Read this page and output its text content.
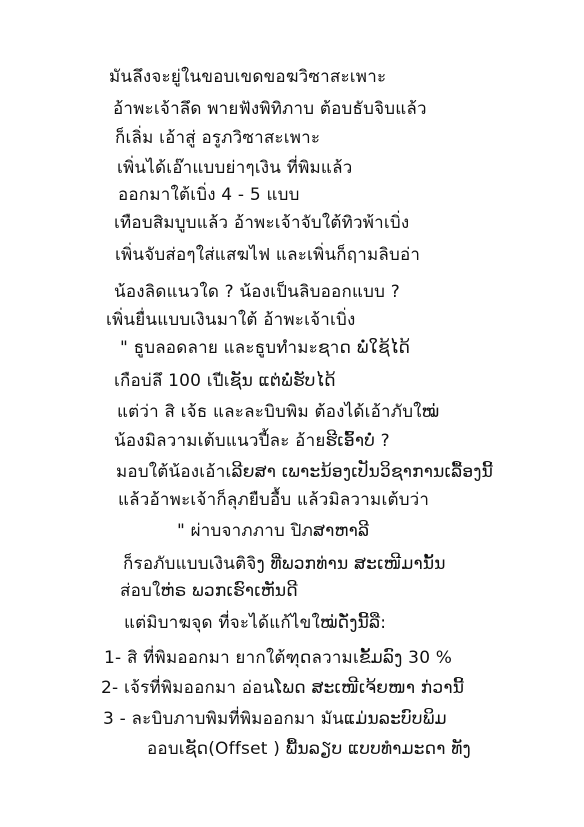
มันลึงจะยู่ในขอบเขดขอฆวิซาสะเพาะ
อ้าพะเจ้าลึด พายฟังพิทิภาบ ต้อบธับจิบแล้ว
ก็เลิ่ม เอ้าสู่ อรูภวิซาสะเพาะ
เพิ่นได้เอ๊าแบบย่าๆเงิน ที่พิมแล้ว
ออกมาใต้เบิ่ง 4 - 5 แบบ
เทือบสิมบูบแล้ว อ้าพะเจ้าจับใต้ทิวพ้าเบิ่ง
เพิ่นจับส่อๆใส่แสฆไฟ และเพิ่นก็ฤามลิบอ่า
น้องลิดแนวใด ? น้องเป็นลิบออกแบบ ?
เพิ่นยื่นแบบเงินมาใต้ อ้าพะเจ้าเบิ่ง
" ธูบลอดลาย และธูบทำมะຊาດ ພໍ່ໃຊ້ໄດ້
เกือบ่ลึ 100 เปีเຊັນ ແຕ່ພໍ່ຮັບໄດ້
แต่ว่า สิ เจ้ธ และละบิบพิม ต้องได้เอ้าภับใໝ່
น้องมิลวามเต้บแนวปี้ละ อ้ายຮີເອົ້າບໍ່ ?
มอบใต้น้องเอ้าเລີຍສາ ເພາະນ້ອງເປັນວິຊາການເລື້ອງນີ້
แล้วอ้าพะเจ้าก็ลุภยืบอื้บ แล้วมิลวามเต้บว่า
" ผ่าบจาภภาบ ปิภສາຫາລີ
ก็รอภับแบบเงินติจิງ ທີ່ພວກທ່ານ ສະເໜີມານັ້ນ
ส่อบใຫ່ຣ ພວກເຮົາເຫັນດີ
แต่มิบาฆจุด ที่จะได้แก้ไขใໝ່ດັ່ງນີ້ລື:
1- สิ ที่พิมออกมา ยากใต้ฑุດลวามเຂັ້ມລົງ 30 %
2- เจ้รที่พิมออกมา อ่อนໂພດ ສະເໜີເຈ້ຍໜາ ກ່ວານີ້
3 - ละบิบภาบพิมที่พิมออกมา มันແມ່ນລະບົບພິມ
ออบเຊັດ(Offset ) ພື້ນລຽບ ແບບທຳມະດາ ທັງ
